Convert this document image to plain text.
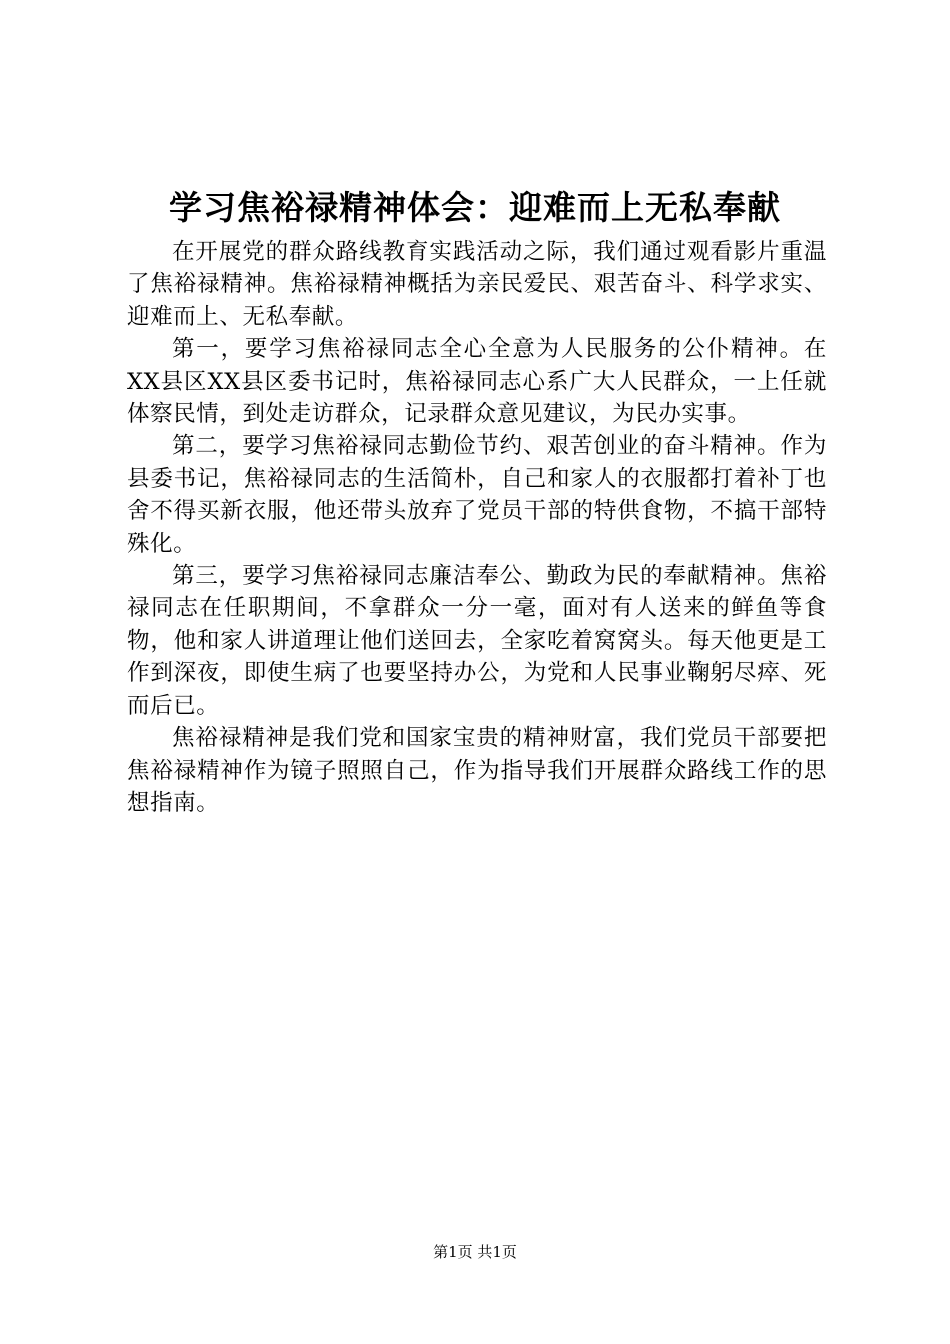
学习焦裕禄精神体会：迎难而上无私奉献

在开展党的群众路线教育实践活动之际，我们通过观看影片重温了焦裕禄精神。焦裕禄精神概括为亲民爱民、艰苦奋斗、科学求实、迎难而上、无私奉献。

第一，要学习焦裕禄同志全心全意为人民服务的公仆精神。在XX县区XX县区委书记时，焦裕禄同志心系广大人民群众，一上任就体察民情，到处走访群众，记录群众意见建议，为民办实事。

第二，要学习焦裕禄同志勤俭节约、艰苦创业的奋斗精神。作为县委书记，焦裕禄同志的生活简朴，自己和家人的衣服都打着补丁也舍不得买新衣服，他还带头放弃了党员干部的特供食物，不搞干部特殊化。

第三，要学习焦裕禄同志廉洁奉公、勤政为民的奉献精神。焦裕禄同志在任职期间，不拿群众一分一毫，面对有人送来的鲜鱼等食物，他和家人讲道理让他们送回去，全家吃着窝窝头。每天他更是工作到深夜，即使生病了也要坚持办公，为党和人民事业鞠躬尽瘁、死而后已。

焦裕禄精神是我们党和国家宝贵的精神财富，我们党员干部要把焦裕禄精神作为镜子照照自己，作为指导我们开展群众路线工作的思想指南。

第1页 共1页
